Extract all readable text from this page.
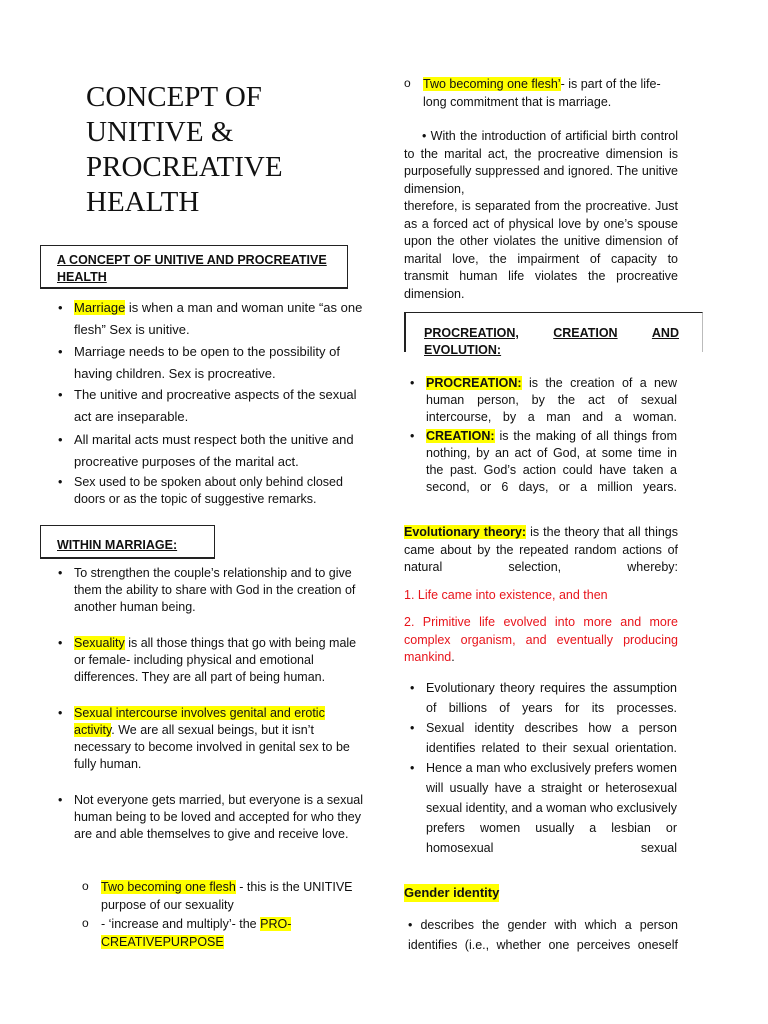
CONCEPT OF
UNITIVE &
PROCREATIVE
HEALTH
A CONCEPT OF UNITIVE AND PROCREATIVE
HEALTH
• Marriage is when a man and woman unite “as one flesh” Sex is unitive.
• Marriage needs to be open to the possibility of having children. Sex is procreative.
• The unitive and procreative aspects of the sexual act are inseparable.
• All marital acts must respect both the unitive and procreative purposes of the marital act.
• Sex used to be spoken about only behind closed doors or as the topic of suggestive remarks.
WITHIN MARRIAGE:
• To strengthen the couple’s relationship and to give them the ability to share with God in the creation of another human being.
• Sexuality is all those things that go with being male or female- including physical and emotional differences. They are all part of being human.
• Sexual intercourse involves genital and erotic activity. We are all sexual beings, but it isn’t necessary to become involved in genital sex to be fully human.
• Not everyone gets married, but everyone is a sexual human being to be loved and accepted for who they are and able themselves to give and receive love.
o Two becoming one flesh - this is the UNITIVE purpose of our sexuality
o - ‘increase and multiply’- the PRO-CREATIVEPURPOSE
o Two becoming one flesh’- is part of the life-long commitment that is marriage.
• With the introduction of artificial birth control to the marital act, the procreative dimension is purposefully suppressed and ignored. The unitive dimension,
therefore, is separated from the procreative. Just as a forced act of physical love by one’s spouse upon the other violates the unitive dimension of marital love, the impairment of capacity to transmit human life violates the procreative dimension.
PROCREATION,	CREATION	AND
EVOLUTION:
• PROCREATION: is the creation of a new human person, by the act of sexual intercourse, by a man and a woman.
• CREATION: is the making of all things from nothing, by an act of God, at some time in the past. God’s action could have taken a second, or 6 days, or a million years.
Evolutionary theory: is the theory that all things came about by the repeated random actions of natural selection, whereby:
1. Life came into existence, and then
2. Primitive life evolved into more and more complex organism, and eventually producing mankind.
• Evolutionary theory requires the assumption of billions of years for its processes.
• Sexual identity describes how a person identifies related to their sexual orientation.
• Hence a man who exclusively prefers women will usually have a straight or heterosexual sexual identity, and a woman who exclusively prefers women usually a lesbian or homosexual sexual
Gender identity
• describes the gender with which a person identifies (i.e., whether one perceives oneself
